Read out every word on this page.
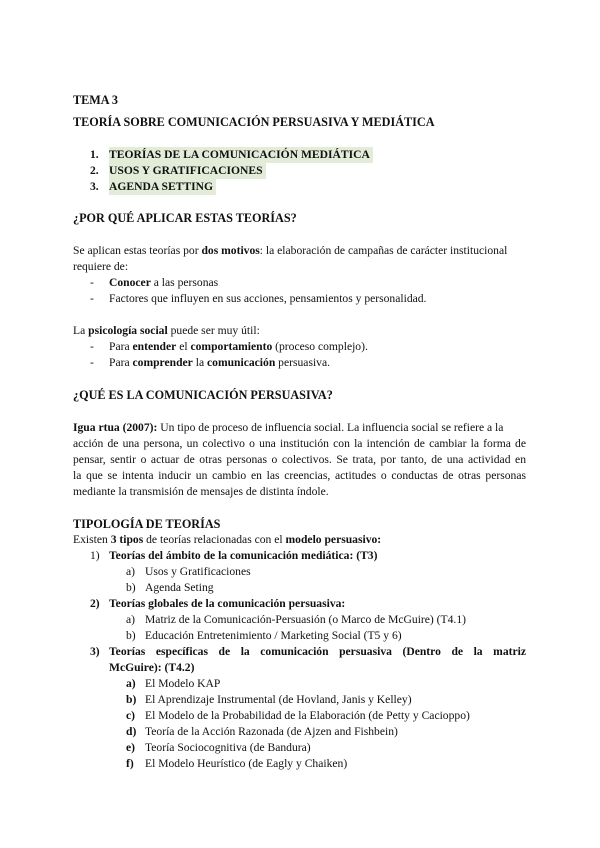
TEMA 3
TEORÍA SOBRE COMUNICACIÓN PERSUASIVA Y MEDIÁTICA
1. TEORÍAS DE LA COMUNICACIÓN MEDIÁTICA
2. USOS Y GRATIFICACIONES
3. AGENDA SETTING
¿POR QUÉ APLICAR ESTAS TEORÍAS?
Se aplican estas teorías por dos motivos: la elaboración de campañas de carácter institucional
requiere de:
- Conocer a las personas
- Factores que influyen en sus acciones, pensamientos y personalidad.
La psicología social puede ser muy útil:
- Para entender el comportamiento (proceso complejo).
- Para comprender la comunicación persuasiva.
¿QUÉ ES LA COMUNICACIÓN PERSUASIVA?
Igua rtua (2007): Un tipo de proceso de influencia social. La influencia social se refiere a la
acción de una persona, un colectivo o una institución con la intención de cambiar la forma de
pensar, sentir o actuar de otras personas o colectivos. Se trata, por tanto, de una actividad en
la que se intenta inducir un cambio en las creencias, actitudes o conductas de otras personas
mediante la transmisión de mensajes de distinta índole.
TIPOLOGÍA DE TEORÍAS
Existen 3 tipos de teorías relacionadas con el modelo persuasivo:
1) Teorías del ámbito de la comunicación mediática: (T3)
a) Usos y Gratificaciones
b) Agenda Seting
2) Teorías globales de la comunicación persuasiva:
a) Matriz de la Comunicación-Persuasión (o Marco de McGuire) (T4.1)
b) Educación Entretenimiento / Marketing Social (T5 y 6)
3) Teorías específicas de la comunicación persuasiva (Dentro de la matriz
McGuire): (T4.2)
a) El Modelo KAP
b) El Aprendizaje Instrumental (de Hovland, Janis y Kelley)
c) El Modelo de la Probabilidad de la Elaboración (de Petty y Cacioppo)
d) Teoría de la Acción Razonada (de Ajzen and Fishbein)
e) Teoría Sociocognitiva (de Bandura)
f) El Modelo Heurístico (de Eagly y Chaiken)
